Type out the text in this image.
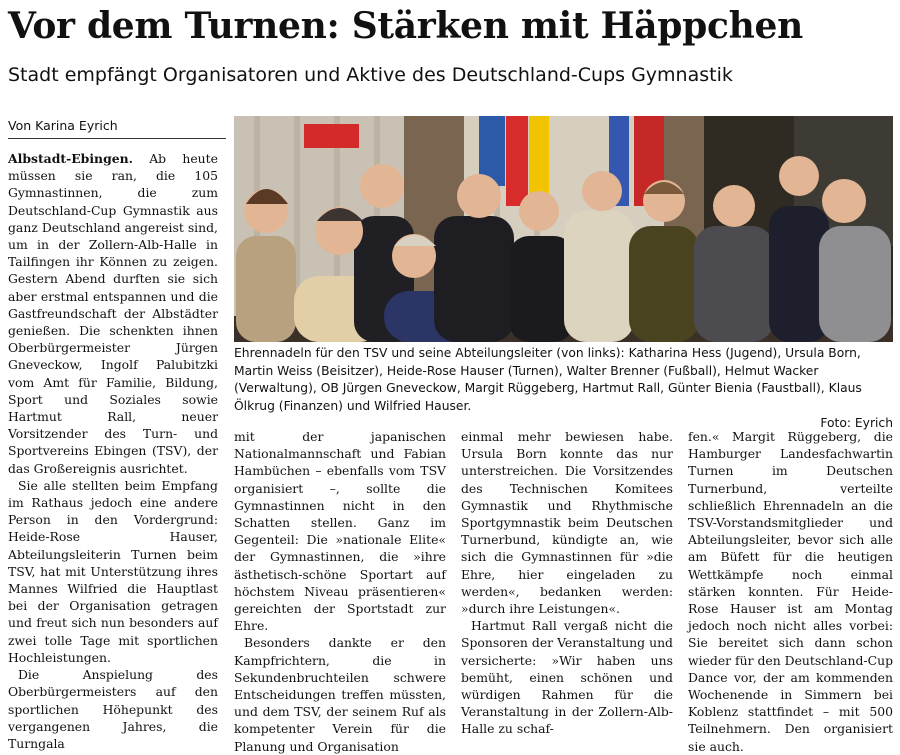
Vor dem Turnen: Stärken mit Häppchen
Stadt empfängt Organisatoren und Aktive des Deutschland-Cups Gymnastik
Von Karina Eyrich

Ehrennadeln für den TSV und seine Abteilungsleiter (von links): Katharina Hess (Jugend), Ursula Born, Martin Weiss (Beisitzer), Heide-Rose Hauser (Turnen), Walter Brenner (Fußball), Helmut Wacker (Verwaltung), OB Jürgen Gneveckow, Margit Rüggeberg, Hartmut Rall, Günter Bienia (Faustball), Klaus Ölkrug (Finanzen) und Wilfried Hauser.
Foto: Eyrich

Albstadt-Ebingen. Ab heute müssen sie ran, die 105 Gymnastinnen, die zum Deutschland-Cup Gymnastik aus ganz Deutschland angereist sind, um in der Zollern-Alb-Halle in Tailfingen ihr Können zu zeigen. Gestern Abend durften sie sich aber erstmal entspannen und die Gastfreundschaft der Albstädter genießen. Die schenkten ihnen Oberbürgermeister Jürgen Gneveckow, Ingolf Palubitzki vom Amt für Familie, Bildung, Sport und Soziales sowie Hartmut Rall, neuer Vorsitzender des Turn- und Sportvereins Ebingen (TSV), der das Großereignis ausrichtet.

Sie alle stellten beim Empfang im Rathaus jedoch eine andere Person in den Vordergrund: Heide-Rose Hauser, Abteilungsleiterin Turnen beim TSV, hat mit Unterstützung ihres Mannes Wilfried die Hauptlast bei der Organisation getragen und freut sich nun besonders auf zwei tolle Tage mit sportlichen Hochleistungen.

Die Anspielung des Oberbürgermeisters auf den sportlichen Höhepunkt des vergangenen Jahres, die Turngala

mit der japanischen Nationalmannschaft und Fabian Hambüchen – ebenfalls vom TSV organisiert –, sollte die Gymnastinnen nicht in den Schatten stellen. Ganz im Gegenteil: Die »nationale Elite« der Gymnastinnen, die »ihre ästhetisch-schöne Sportart auf höchstem Niveau präsentieren« gereichten der Sportstadt zur Ehre.

Besonders dankte er den Kampfrichtern, die in Sekundenbruchteilen schwere Entscheidungen treffen müssten, und dem TSV, der seinem Ruf als kompetenter Verein für die Planung und Organisation

einmal mehr bewiesen habe. Ursula Born konnte das nur unterstreichen. Die Vorsitzendes des Technischen Komitees Gymnastik und Rhythmische Sportgymnastik beim Deutschen Turnerbund, kündigte an, wie sich die Gymnastinnen für »die Ehre, hier eingeladen zu werden«, bedanken werden: »durch ihre Leistungen«.

Hartmut Rall vergaß nicht die Sponsoren der Veranstaltung und versicherte: »Wir haben uns bemüht, einen schönen und würdigen Rahmen für die Veranstaltung in der Zollern-Alb-Halle zu schaf-

fen.« Margit Rüggeberg, die Hamburger Landesfachwartin Turnen im Deutschen Turnerbund, verteilte schließlich Ehrennadeln an die TSV-Vorstandsmitglieder und Abteilungsleiter, bevor sich alle am Büfett für die heutigen Wettkämpfe noch einmal stärken konnten. Für Heide-Rose Hauser ist am Montag jedoch noch nicht alles vorbei: Sie bereitet sich dann schon wieder für den Deutschland-Cup Dance vor, der am kommenden Wochenende in Simmern bei Koblenz stattfindet – mit 500 Teilnehmern. Den organisiert sie auch.
